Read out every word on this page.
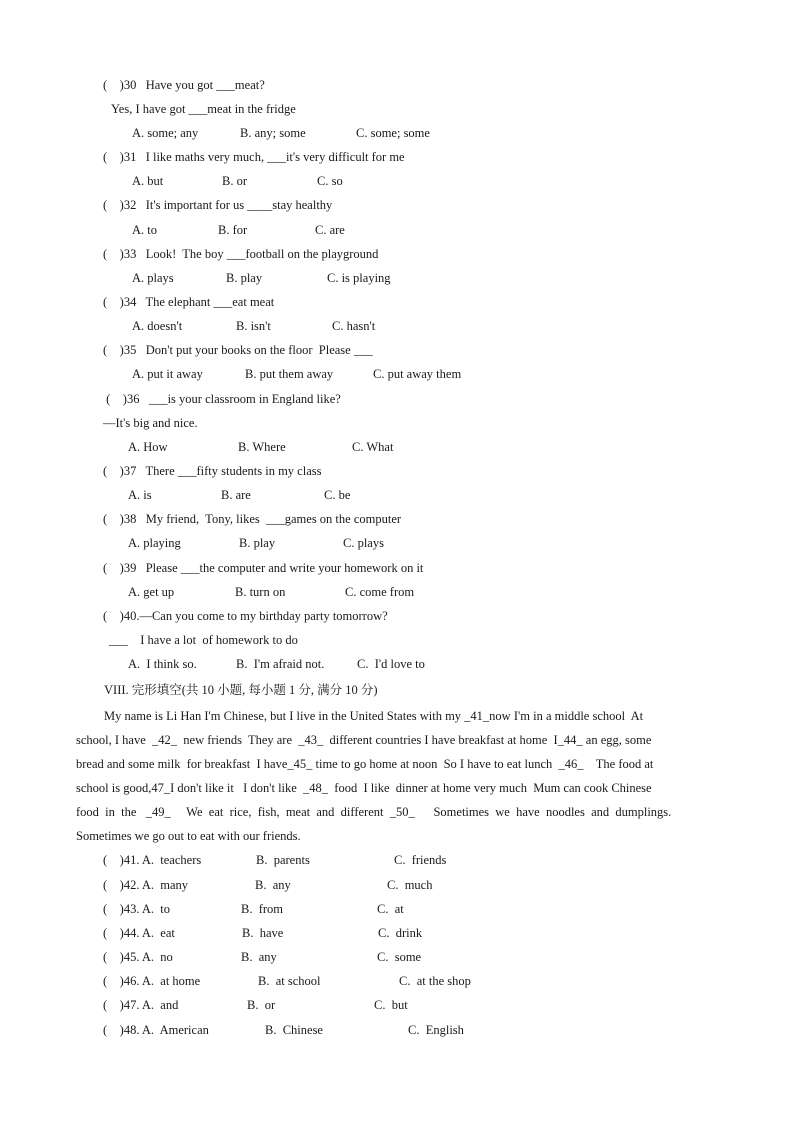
(    )30   Have you got ___meat?
Yes, I have got ___meat in the fridge
A. some; any	B. any; some	C. some; some
(    )31   I like maths very much, ___it's very difficult for me
A. but	B. or	C. so
(    )32   It's important for us ____stay healthy
A. to	B. for	C. are
(    )33   Look!  The boy ___football on the playground
A. plays	B. play	C. is playing
(    )34   The elephant ___eat meat
A. doesn't	B. isn't	C. hasn't
(    )35   Don't put your books on the floor  Please ___
A. put it away	B. put them away	C. put away them
(    )36   ___is your classroom in England like?
—It's big and nice.
A. How	B. Where	C. What
(    )37   There ___fifty students in my class
A. is	B. are	C. be
(    )38   My friend,  Tony, likes  ___games on the computer
A. playing	B. play	C. plays
(    )39   Please ___the computer and write your homework on it
A. get up	B. turn on	C. come from
(    )40.—Can you come to my birthday party tomorrow?
___    I have a lot  of homework to do
A.  I think so.	B.  I'm afraid not.	C.  I'd love to
VIII. 完形填空(共 10 小题, 每小题 1 分, 满分 10 分)
My name is Li Han I'm Chinese, but I live in the United States with my _41_now I'm in a middle school  At
school, I have  _42_  new friends  They are  _43_  different countries I have breakfast at home  I_44_ an egg, some
bread and some milk  for breakfast  I have_45_ time to go home at noon  So I have to eat lunch  _46_    The food at
school is good,47_I don't like it   I don't like  _48_  food  I like  dinner at home very much  Mum can cook Chinese
food  in  the   _49_     We  eat  rice,  fish,  meat  and  different  _50_      Sometimes  we  have  noodles  and  dumplings.
Sometimes we go out to eat with our friends.
(    )41. A.  teachers	B.  parents	C.  friends
(    )42. A.  many	B.  any	C.  much
(    )43. A.  to	B.  from	C.  at
(    )44. A.  eat	B.  have	C.  drink
(    )45. A.  no	B.  any	C.  some
(    )46. A.  at home	B.  at school	C.  at the shop
(    )47. A.  and	B.  or	C.  but
(    )48. A.  American	B.  Chinese	C.  English
